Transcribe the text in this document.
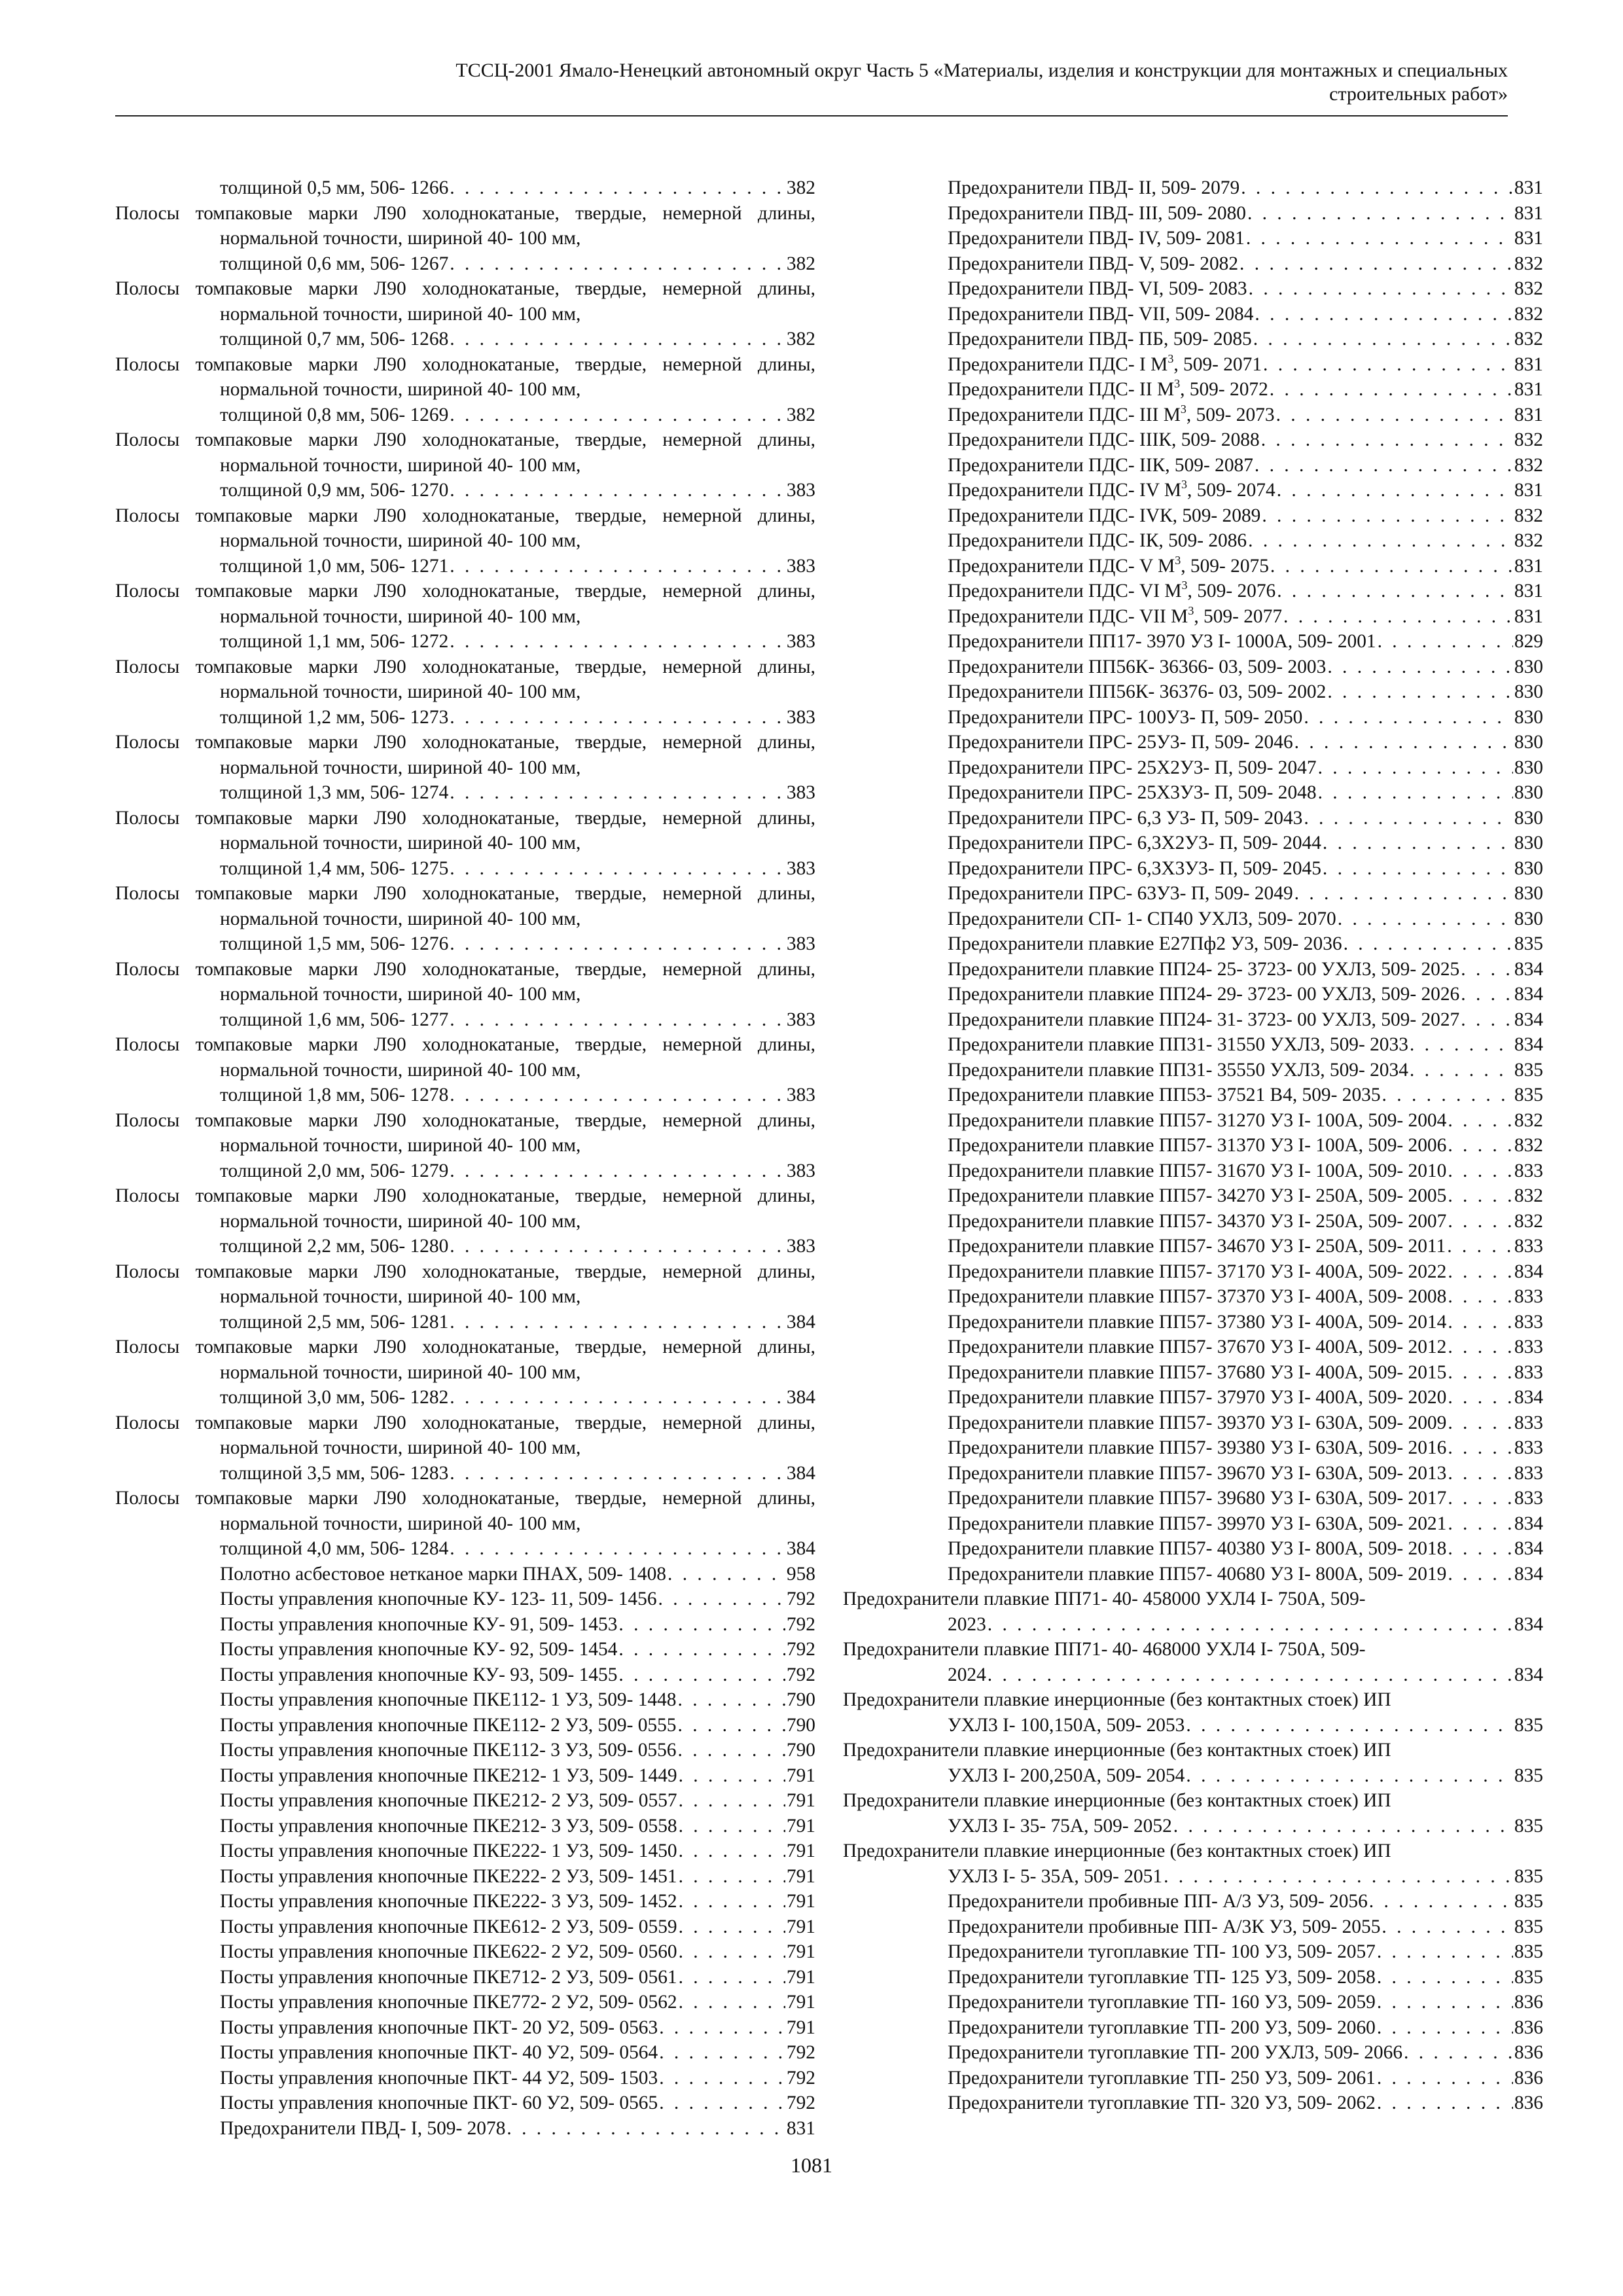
ТССЦ-2001 Ямало-Ненецкий автономный округ Часть 5 «Материалы, изделия и конструкции для монтажных и специальных
строительных работ»
толщиной 0,5 мм, 506- 1266 . . .	382
Полосы томпаковые марки Л90 холоднокатаные, твердые, немерной длины, нормальной точности, шириной 40- 100 мм,
толщиной 0,6 мм, 506- 1267 . . .	382
Полосы томпаковые марки Л90 холоднокатаные, твердые, немерной длины, нормальной точности, шириной 40- 100 мм,
толщиной 0,7 мм, 506- 1268 . . .	382
Полосы томпаковые марки Л90 холоднокатаные, твердые, немерной длины, нормальной точности, шириной 40- 100 мм,
толщиной 0,8 мм, 506- 1269 . . .	382
Полосы томпаковые марки Л90 холоднокатаные, твердые, немерной длины, нормальной точности, шириной 40- 100 мм,
толщиной 0,9 мм, 506- 1270 . . .	383
Полосы томпаковые марки Л90 холоднокатаные, твердые, немерной длины, нормальной точности, шириной 40- 100 мм,
толщиной 1,0 мм, 506- 1271 . . .	383
Полосы томпаковые марки Л90 холоднокатаные, твердые, немерной длины, нормальной точности, шириной 40- 100 мм,
толщиной 1,1 мм, 506- 1272 . . .	383
Полосы томпаковые марки Л90 холоднокатаные, твердые, немерной длины, нормальной точности, шириной 40- 100 мм,
толщиной 1,2 мм, 506- 1273 . . .	383
Полосы томпаковые марки Л90 холоднокатаные, твердые, немерной длины, нормальной точности, шириной 40- 100 мм,
толщиной 1,3 мм, 506- 1274 . . .	383
Полосы томпаковые марки Л90 холоднокатаные, твердые, немерной длины, нормальной точности, шириной 40- 100 мм,
толщиной 1,4 мм, 506- 1275 . . .	383
Полосы томпаковые марки Л90 холоднокатаные, твердые, немерной длины, нормальной точности, шириной 40- 100 мм,
толщиной 1,5 мм, 506- 1276 . . .	383
Полосы томпаковые марки Л90 холоднокатаные, твердые, немерной длины, нормальной точности, шириной 40- 100 мм,
толщиной 1,6 мм, 506- 1277 . . .	383
Полосы томпаковые марки Л90 холоднокатаные, твердые, немерной длины, нормальной точности, шириной 40- 100 мм,
толщиной 1,8 мм, 506- 1278 . . .	383
Полосы томпаковые марки Л90 холоднокатаные, твердые, немерной длины, нормальной точности, шириной 40- 100 мм,
толщиной 2,0 мм, 506- 1279 . . .	383
Полосы томпаковые марки Л90 холоднокатаные, твердые, немерной длины, нормальной точности, шириной 40- 100 мм,
толщиной 2,2 мм, 506- 1280 . . .	383
Полосы томпаковые марки Л90 холоднокатаные, твердые, немерной длины, нормальной точности, шириной 40- 100 мм,
толщиной 2,5 мм, 506- 1281 . . .	384
Полосы томпаковые марки Л90 холоднокатаные, твердые, немерной длины, нормальной точности, шириной 40- 100 мм,
толщиной 3,0 мм, 506- 1282 . . .	384
Полосы томпаковые марки Л90 холоднокатаные, твердые, немерной длины, нормальной точности, шириной 40- 100 мм,
толщиной 3,5 мм, 506- 1283 . . .	384
Полосы томпаковые марки Л90 холоднокатаные, твердые, немерной длины, нормальной точности, шириной 40- 100 мм,
толщиной 4,0 мм, 506- 1284 . . .	384
Полотно асбестовое нетканое марки ПНАХ, 509- 1408 . . .	958
Посты управления кнопочные КУ- 123- 11, 509- 1456 . . .	792
Посты управления кнопочные КУ- 91, 509- 1453 . . .	792
Посты управления кнопочные КУ- 92, 509- 1454 . . .	792
Посты управления кнопочные КУ- 93, 509- 1455 . . .	792
Посты управления кнопочные ПКЕ112- 1 У3, 509- 1448 . . .	790
Посты управления кнопочные ПКЕ112- 2 У3, 509- 0555 . . .	790
Посты управления кнопочные ПКЕ112- 3 У3, 509- 0556 . . .	790
Посты управления кнопочные ПКЕ212- 1 У3, 509- 1449 . . .	791
Посты управления кнопочные ПКЕ212- 2 У3, 509- 0557 . . .	791
Посты управления кнопочные ПКЕ212- 3 У3, 509- 0558 . . .	791
Посты управления кнопочные ПКЕ222- 1 У3, 509- 1450 . . .	791
Посты управления кнопочные ПКЕ222- 2 У3, 509- 1451 . . .	791
Посты управления кнопочные ПКЕ222- 3 У3, 509- 1452 . . .	791
Посты управления кнопочные ПКЕ612- 2 У3, 509- 0559 . . .	791
Посты управления кнопочные ПКЕ622- 2 У2, 509- 0560 . . .	791
Посты управления кнопочные ПКЕ712- 2 У3, 509- 0561 . . .	791
Посты управления кнопочные ПКЕ772- 2 У2, 509- 0562 . . .	791
Посты управления кнопочные ПКТ- 20 У2, 509- 0563 . . .	791
Посты управления кнопочные ПКТ- 40 У2, 509- 0564 . . .	792
Посты управления кнопочные ПКТ- 44 У2, 509- 1503 . . .	792
Посты управления кнопочные ПКТ- 60 У2, 509- 0565 . . .	792
Предохранители ПВД- I, 509- 2078 . . .	831
Предохранители ПВД- II, 509- 2079 . . .	831
Предохранители ПВД- III, 509- 2080 . . .	831
Предохранители ПВД- IV, 509- 2081 . . .	831
Предохранители ПВД- V, 509- 2082 . . .	832
Предохранители ПВД- VI, 509- 2083 . . .	832
Предохранители ПВД- VII, 509- 2084 . . .	832
Предохранители ПВД- ПБ, 509- 2085 . . .	832
Предохранители ПДС- I $М^3$, 509- 2071 . . .	831
Предохранители ПДС- II $М^3$, 509- 2072 . . .	831
Предохранители ПДС- III $М^3$, 509- 2073 . . .	831
Предохранители ПДС- IIIК, 509- 2088 . . .	832
Предохранители ПДС- IIК, 509- 2087 . . .	832
Предохранители ПДС- IV $М^3$, 509- 2074 . . .	831
Предохранители ПДС- IVК, 509- 2089 . . .	832
Предохранители ПДС- IК, 509- 2086 . . .	832
Предохранители ПДС- V $М^3$, 509- 2075 . . .	831
Предохранители ПДС- VI $М^3$, 509- 2076 . . .	831
Предохранители ПДС- VII $М^3$, 509- 2077 . . .	831
Предохранители ПП17- 3970 У3 I- 1000А, 509- 2001 . . .	829
Предохранители ПП56К- 36366- 03, 509- 2003 . . .	830
Предохранители ПП56К- 36376- 03, 509- 2002 . . .	830
Предохранители ПРС- 100У3- П, 509- 2050 . . .	830
Предохранители ПРС- 25У3- П, 509- 2046 . . .	830
Предохранители ПРС- 25Х2У3- П, 509- 2047 . . .	830
Предохранители ПРС- 25Х3У3- П, 509- 2048 . . .	830
Предохранители ПРС- 6,3 У3- П, 509- 2043 . . .	830
Предохранители ПРС- 6,3Х2У3- П, 509- 2044 . . .	830
Предохранители ПРС- 6,3Х3У3- П, 509- 2045 . . .	830
Предохранители ПРС- 63У3- П, 509- 2049 . . .	830
Предохранители СП- 1- СП40 УХЛ3, 509- 2070 . . .	830
Предохранители плавкие Е27Пф2 У3, 509- 2036 . . .	835
Предохранители плавкие ПП24- 25- 3723- 00 УХЛ3, 509- 2025 . . .	834
Предохранители плавкие ПП24- 29- 3723- 00 УХЛ3, 509- 2026 . . .	834
Предохранители плавкие ПП24- 31- 3723- 00 УХЛ3, 509- 2027 . . .	834
Предохранители плавкие ПП31- 31550 УХЛ3, 509- 2033 . . .	834
Предохранители плавкие ПП31- 35550 УХЛ3, 509- 2034 . . .	835
Предохранители плавкие ПП53- 37521 В4, 509- 2035 . . .	835
Предохранители плавкие ПП57- 31270 У3 I- 100А, 509- 2004 . . .	832
Предохранители плавкие ПП57- 31370 У3 I- 100А, 509- 2006 . . .	832
Предохранители плавкие ПП57- 31670 У3 I- 100А, 509- 2010 . . .	833
Предохранители плавкие ПП57- 34270 У3 I- 250А, 509- 2005 . . .	832
Предохранители плавкие ПП57- 34370 У3 I- 250А, 509- 2007 . . .	832
Предохранители плавкие ПП57- 34670 У3 I- 250А, 509- 2011 . . .	833
Предохранители плавкие ПП57- 37170 У3 I- 400А, 509- 2022 . . .	834
Предохранители плавкие ПП57- 37370 У3 I- 400А, 509- 2008 . . .	833
Предохранители плавкие ПП57- 37380 У3 I- 400А, 509- 2014 . . .	833
Предохранители плавкие ПП57- 37670 У3 I- 400А, 509- 2012 . . .	833
Предохранители плавкие ПП57- 37680 У3 I- 400А, 509- 2015 . . .	833
Предохранители плавкие ПП57- 37970 У3 I- 400А, 509- 2020 . . .	834
Предохранители плавкие ПП57- 39370 У3 I- 630А, 509- 2009 . . .	833
Предохранители плавкие ПП57- 39380 У3 I- 630А, 509- 2016 . . .	833
Предохранители плавкие ПП57- 39670 У3 I- 630А, 509- 2013 . . .	833
Предохранители плавкие ПП57- 39680 У3 I- 630А, 509- 2017 . . .	833
Предохранители плавкие ПП57- 39970 У3 I- 630А, 509- 2021 . . .	834
Предохранители плавкие ПП57- 40380 У3 I- 800А, 509- 2018 . . .	834
Предохранители плавкие ПП57- 40680 У3 I- 800А, 509- 2019 . . .	834
Предохранители плавкие ПП71- 40- 458000 УХЛ4 I- 750А, 509-
2023 . . .	834
Предохранители плавкие ПП71- 40- 468000 УХЛ4 I- 750А, 509-
2024 . . .	834
Предохранители плавкие инерционные (без контактных стоек) ИП
УХЛ3 I- 100,150А, 509- 2053 . . .	835
Предохранители плавкие инерционные (без контактных стоек) ИП
УХЛ3 I- 200,250А, 509- 2054 . . .	835
Предохранители плавкие инерционные (без контактных стоек) ИП
УХЛ3 I- 35- 75А, 509- 2052 . . .	835
Предохранители плавкие инерционные (без контактных стоек) ИП
УХЛ3 I- 5- 35А, 509- 2051 . . .	835
Предохранители пробивные ПП- А/3 У3, 509- 2056 . . .	835
Предохранители пробивные ПП- А/3К У3, 509- 2055 . . .	835
Предохранители тугоплавкие ТП- 100 У3, 509- 2057 . . .	835
Предохранители тугоплавкие ТП- 125 У3, 509- 2058 . . .	835
Предохранители тугоплавкие ТП- 160 У3, 509- 2059 . . .	836
Предохранители тугоплавкие ТП- 200 У3, 509- 2060 . . .	836
Предохранители тугоплавкие ТП- 200 УХЛ3, 509- 2066 . . .	836
Предохранители тугоплавкие ТП- 250 У3, 509- 2061 . . .	836
Предохранители тугоплавкие ТП- 320 У3, 509- 2062 . . .	836
1081
